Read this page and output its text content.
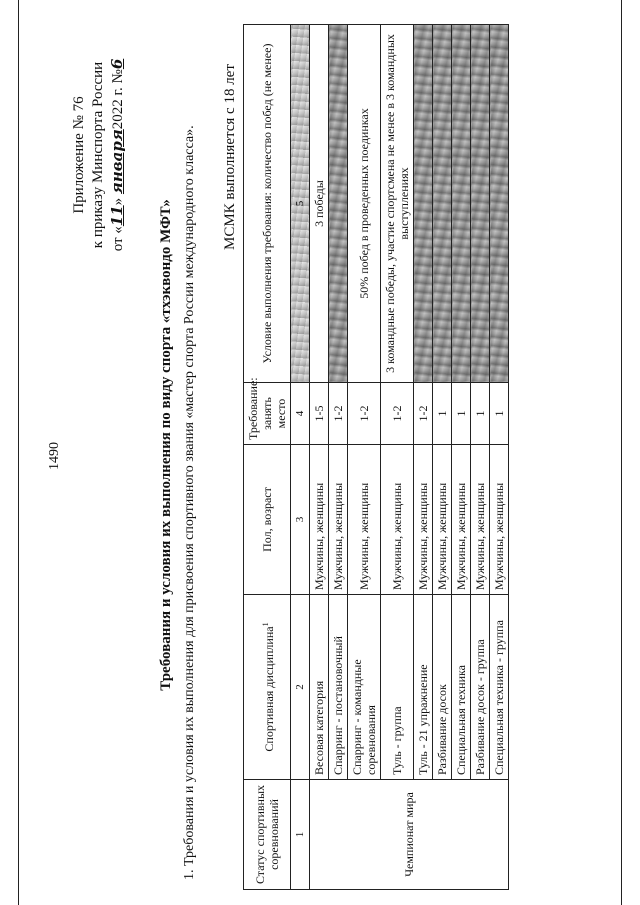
1490
Приложение № 76 к приказу Минспорта России от «11» января2022 г. №6
Требования и условия их выполнения по виду спорта «тхэквондо МФТ» 1. Требования и условия их выполнения для присвоения спортивного звания «мастер спорта России международного класса». МСМК выполняется с 18 лет
Статус спортивных соревнований	Спортивная дисциплина$^1$	Пол, возраст	Требование: занять место	Условие выполнения требования: количество побед (не менее)
1	2	3	4	5
Чемпионат мира	Весовая категория	Мужчины, женщины	1-5	3 победы
	Спарринг - постановочный	Мужчины, женщины	1-2	
	Спарринг - командные соревнования	Мужчины, женщины	1-2	50% побед в проведенных поединках
	Туль - группа	Мужчины, женщины	1-2	3 командные победы, участие спортсмена не менее в 3 командных выступлениях
	Туль - 21 упражнение	Мужчины, женщины	1-2	
	Разбивание досок	Мужчины, женщины	1	
	Специальная техника	Мужчины, женщины	1	
	Разбивание досок - группа	Мужчины, женщины	1	
	Специальная техника - группа	Мужчины, женщины	1	
